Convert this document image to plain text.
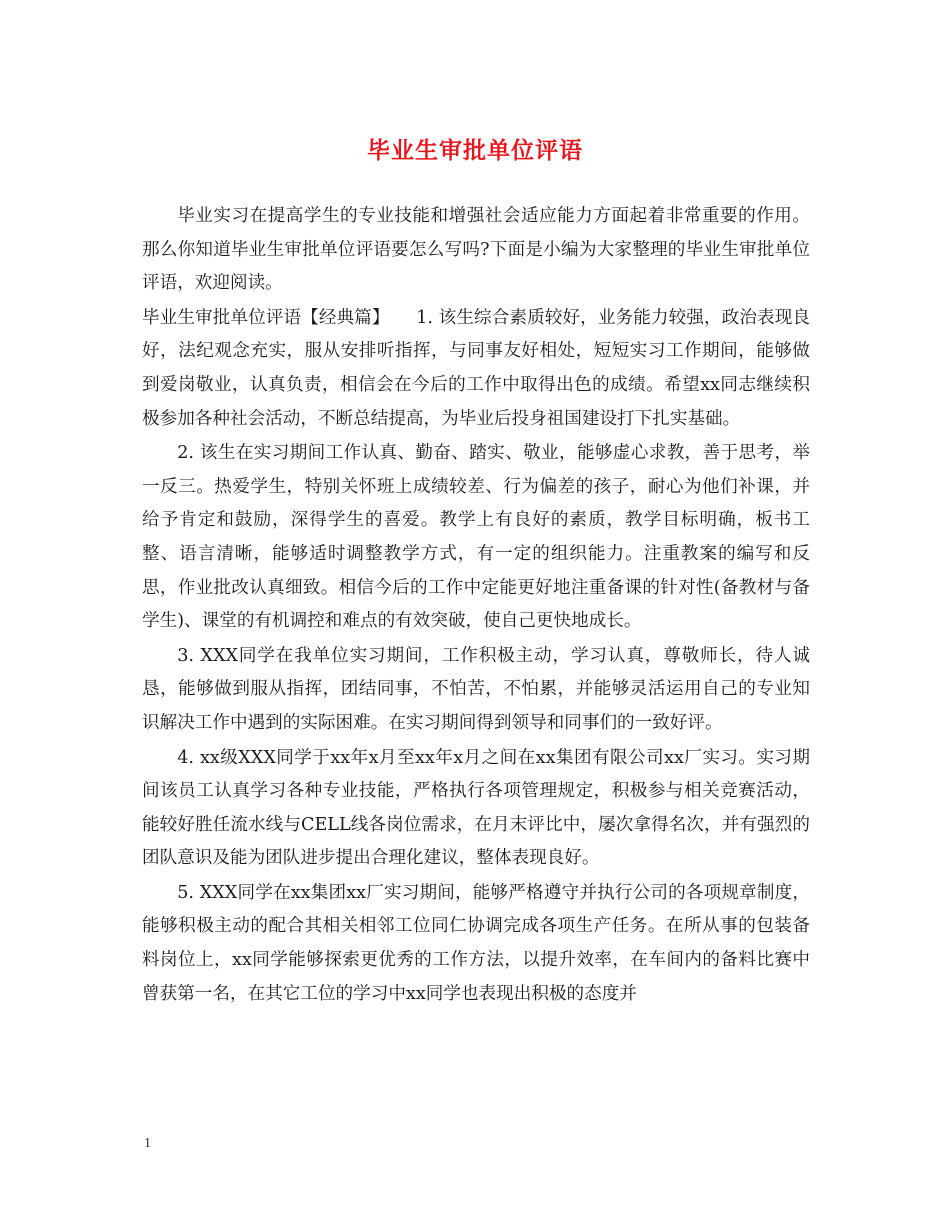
毕业生审批单位评语

毕业实习在提高学生的专业技能和增强社会适应能力方面起着非常重要的作用。那么你知道毕业生审批单位评语要怎么写吗?下面是小编为大家整理的毕业生审批单位评语，欢迎阅读。

毕业生审批单位评语【经典篇】　　1. 该生综合素质较好，业务能力较强，政治表现良好，法纪观念充实，服从安排听指挥，与同事友好相处，短短实习工作期间，能够做到爱岗敬业，认真负责，相信会在今后的工作中取得出色的成绩。希望xx同志继续积极参加各种社会活动，不断总结提高，为毕业后投身祖国建设打下扎实基础。

2. 该生在实习期间工作认真、勤奋、踏实、敬业，能够虚心求教，善于思考，举一反三。热爱学生，特别关怀班上成绩较差、行为偏差的孩子，耐心为他们补课，并给予肯定和鼓励，深得学生的喜爱。教学上有良好的素质，教学目标明确，板书工整、语言清晰，能够适时调整教学方式，有一定的组织能力。注重教案的编写和反思，作业批改认真细致。相信今后的工作中定能更好地注重备课的针对性(备教材与备学生)、课堂的有机调控和难点的有效突破，使自己更快地成长。

3. XXX同学在我单位实习期间，工作积极主动，学习认真，尊敬师长，待人诚恳，能够做到服从指挥，团结同事，不怕苦，不怕累，并能够灵活运用自己的专业知识解决工作中遇到的实际困难。在实习期间得到领导和同事们的一致好评。

4. xx级XXX同学于xx年x月至xx年x月之间在xx集团有限公司xx厂实习。实习期间该员工认真学习各种专业技能，严格执行各项管理规定，积极参与相关竞赛活动，能较好胜任流水线与CELL线各岗位需求，在月末评比中，屡次拿得名次，并有强烈的团队意识及能为团队进步提出合理化建议，整体表现良好。

5. XXX同学在xx集团xx厂实习期间，能够严格遵守并执行公司的各项规章制度，能够积极主动的配合其相关相邻工位同仁协调完成各项生产任务。在所从事的包装备料岗位上，xx同学能够探索更优秀的工作方法，以提升效率，在车间内的备料比赛中曾获第一名，在其它工位的学习中xx同学也表现出积极的态度并

1
